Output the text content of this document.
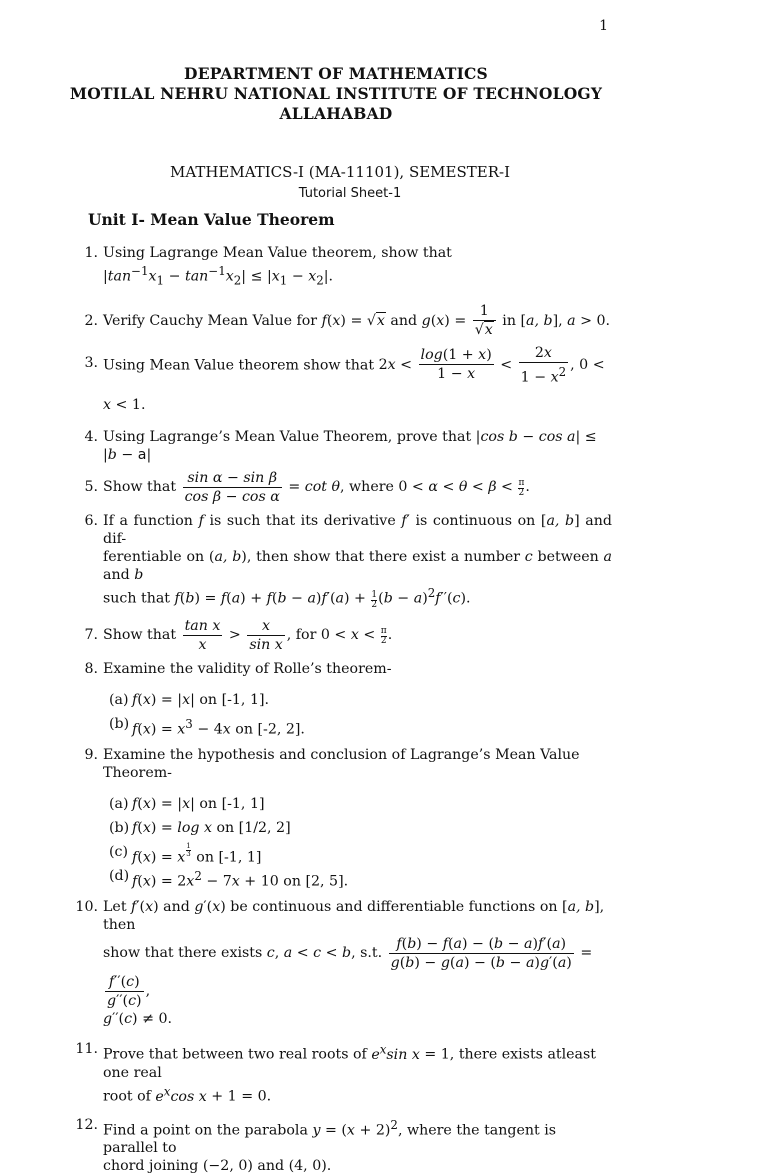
1
DEPARTMENT OF MATHEMATICS
MOTILAL NEHRU NATIONAL INSTITUTE OF TECHNOLOGY
ALLAHABAD
MATHEMATICS-I (MA-11101), SEMESTER-I
Tutorial Sheet-1
Unit I- Mean Value Theorem
1. Using Lagrange Mean Value theorem, show that
$|\tan^{-1}x_1 - \tan^{-1}x_2| \le |x_1 - x_2|$.
2. Verify Cauchy Mean Value for f(x) = √x and $g(x) = \frac{1}{√x}$ in [a, b], a > 0.
3. Using Mean Value theorem show that $2x < \frac{\log(1 + x)}{1 - x} < \frac{2x}{1 - x^2}$ , 0 < x < 1.
4. Using Lagrange’s Mean Value Theorem, prove that |cos b − cos a| ≤ |b − a|
5. Show that $\frac{\text{sin α − sin β}}{\text{cos β − cos α}} = \cot \theta$, where $0 < \alpha < \theta < \beta < \frac{\pi}{2}$ .
6. If a function f is such that its derivative f′ is continuous on [a, b] and dif-
ferentiable on (a, b), then show that there exist a number c between a and b
such that $f(b) = f(a) + f(b - a)f'(a) + \frac{1}{2} (b - a)^2f''(c)$.
7. Show that $\frac{\text{tan x}}{x} > \frac{x}{\text{sin x}}$ , for $0 < x < \frac{\pi}{2}$ .
8. Examine the validity of Rolle’s theorem-
(a) f(x) = |x| on [-1, 1].
(b) $f(x) = x^3 - 4x$ on [-2, 2].
9. Examine the hypothesis and conclusion of Lagrange’s Mean Value Theorem-
(a) f(x) = |x| on [-1, 1]
(b) f(x) = log x on [1/2, 2]
(c) f(x) = x $^{\frac{1}{3}}$ on [-1, 1]
(d) $f(x) = 2x^2 - 7x + 10$ on [2, 5].
10. Let f′(x) and g′(x) be continuous and differentiable functions on [a, b], then
show that there exists c, a < c < b, s.t. $\frac{f(b) - f(a) - (b - a)f'(a)}{g(b) - g(a) - (b - a)g'(a)}$ =
$\frac{f''(c)}{g''(c)}$ ,
g′′(c) ≠ 0.
11. Prove that between two real roots of $e^x\sin$ x = 1, there exists atleast one real
root of $e^x\cos$ x + 1 = 0.
12. Find a point on the parabola $y = (x + 2)^2$, where the tangent is parallel to
chord joining (−2, 0) and (4, 0).
